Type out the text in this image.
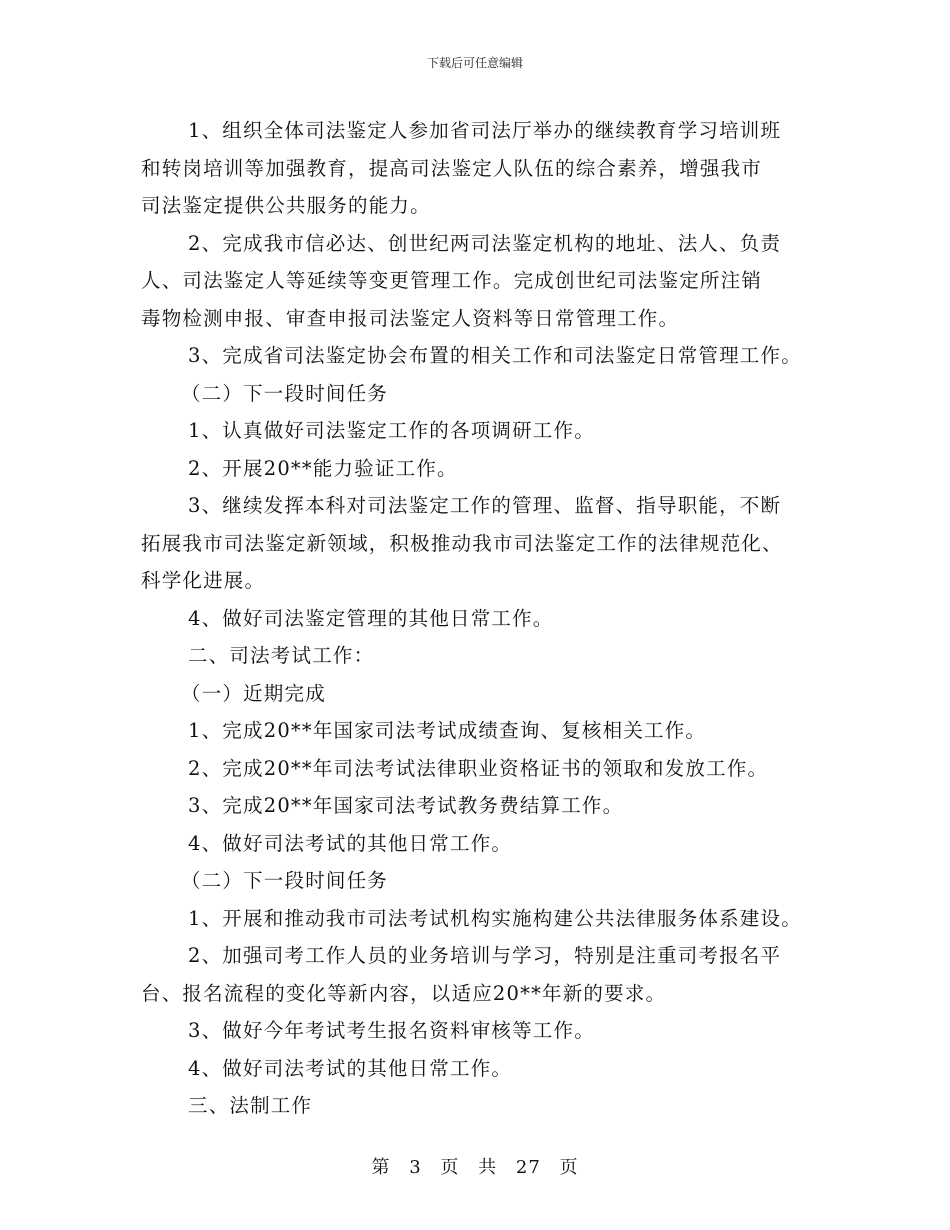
下载后可任意编辑
1、组织全体司法鉴定人参加省司法厅举办的继续教育学习培训班
和转岗培训等加强教育，提高司法鉴定人队伍的综合素养，增强我市
司法鉴定提供公共服务的能力。
2、完成我市信必达、创世纪两司法鉴定机构的地址、法人、负责
人、司法鉴定人等延续等变更管理工作。完成创世纪司法鉴定所注销
毒物检测申报、审查申报司法鉴定人资料等日常管理工作。
3、完成省司法鉴定协会布置的相关工作和司法鉴定日常管理工作。
（二）下一段时间任务
1、认真做好司法鉴定工作的各项调研工作。
2、开展20**能力验证工作。
3、继续发挥本科对司法鉴定工作的管理、监督、指导职能，不断
拓展我市司法鉴定新领域，积极推动我市司法鉴定工作的法律规范化、
科学化进展。
4、做好司法鉴定管理的其他日常工作。
二、司法考试工作：
（一）近期完成
1、完成20**年国家司法考试成绩查询、复核相关工作。
2、完成20**年司法考试法律职业资格证书的领取和发放工作。
3、完成20**年国家司法考试教务费结算工作。
4、做好司法考试的其他日常工作。
（二）下一段时间任务
1、开展和推动我市司法考试机构实施构建公共法律服务体系建设。
2、加强司考工作人员的业务培训与学习，特别是注重司考报名平
台、报名流程的变化等新内容，以适应20**年新的要求。
3、做好今年考试考生报名资料审核等工作。
4、做好司法考试的其他日常工作。
三、法制工作
第 3 页 共 27 页
